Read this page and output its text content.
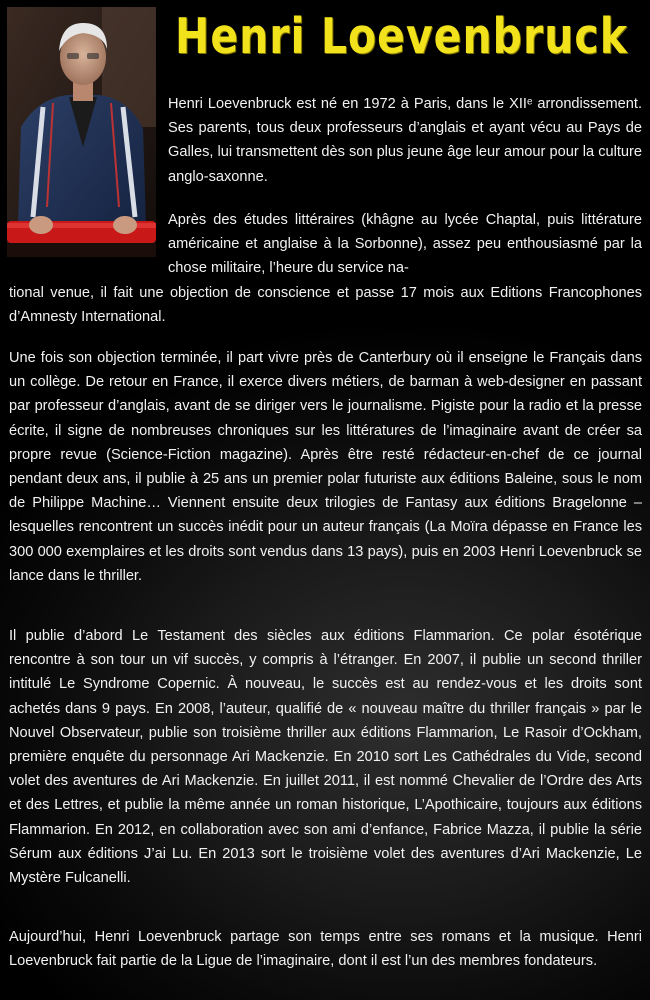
Henri Loevenbruck

Henri Loevenbruck est né en 1972 à Paris, dans le XIIᵉ arrondissement. Ses parents, tous deux professeurs d’anglais et ayant vécu au Pays de Galles, lui transmettent dès son plus jeune âge leur amour pour la culture anglo-saxonne.

Après des études littéraires (khâgne au lycée Chaptal, puis littérature américaine et anglaise à la Sorbonne), assez peu enthousiasmé par la chose militaire, l’heure du service na-

tional venue, il fait une objection de conscience et passe 17 mois aux Editions Francophones d’Amnesty International.

Une fois son objection terminée, il part vivre près de Canterbury où il enseigne le Français dans un collège. De retour en France, il exerce divers métiers, de barman à web-designer en passant par professeur d’anglais, avant de se diriger vers le journalisme. Pigiste pour la radio et la presse écrite, il signe de nombreuses chroniques sur les littératures de l’imaginaire avant de créer sa propre revue (Science-Fiction magazine). Après être resté rédacteur-en-chef de ce journal pendant deux ans, il publie à 25 ans un premier polar futuriste aux éditions Baleine, sous le nom de Philippe Machine… Viennent ensuite deux trilogies de Fantasy aux éditions Bragelonne – lesquelles rencontrent un succès inédit pour un auteur français (La Moïra dépasse en France les 300 000 exemplaires et les droits sont vendus dans 13 pays), puis en 2003 Henri Loevenbruck se lance dans le thriller.

Il publie d’abord Le Testament des siècles aux éditions Flammarion. Ce polar ésotérique rencontre à son tour un vif succès, y compris à l’étranger. En 2007, il publie un second thriller intitulé Le Syndrome Copernic. À nouveau, le succès est au rendez-vous et les droits sont achetés dans 9 pays. En 2008, l’auteur, qualifié de « nouveau maître du thriller français » par le Nouvel Observateur, publie son troisième thriller aux éditions Flammarion, Le Rasoir d’Ockham, première enquête du personnage Ari Mackenzie. En 2010 sort Les Cathédrales du Vide, second volet des aventures de Ari Mackenzie. En juillet 2011, il est nommé Chevalier de l’Ordre des Arts et des Lettres, et publie la même année un roman historique, L’Apothicaire, toujours aux éditions Flammarion. En 2012, en collaboration avec son ami d’enfance, Fabrice Mazza, il publie la série Sérum aux éditions J’ai Lu. En 2013 sort le troisième volet des aventures d’Ari Mackenzie, Le Mystère Fulcanelli.

Aujourd’hui, Henri Loevenbruck partage son temps entre ses romans et la musique. Henri Loevenbruck fait partie de la Ligue de l’imaginaire, dont il est l’un des membres fondateurs.
